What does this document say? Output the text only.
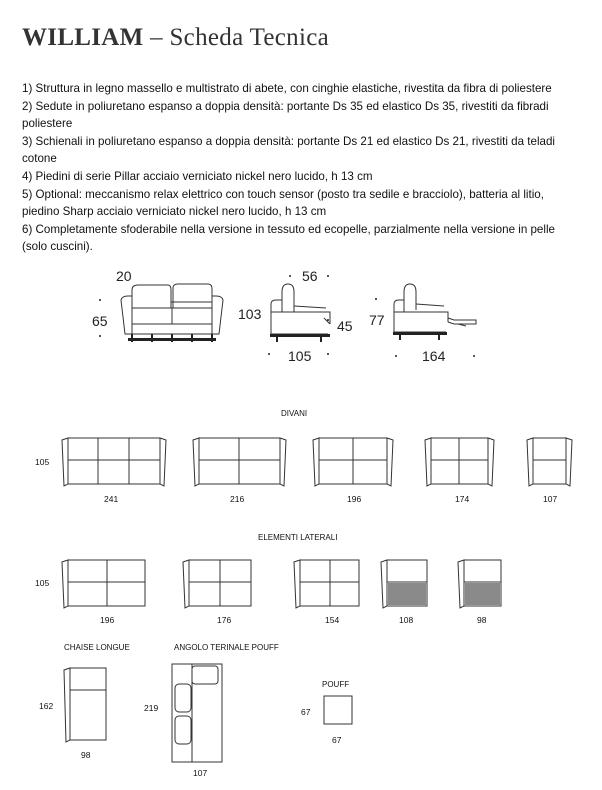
WILLIAM – Scheda Tecnica

1) Struttura in legno massello e multistrato di abete, con cinghie elastiche, rivestita da fibra di poliestere

2) Sedute in poliuretano espanso a doppia densità: portante Ds 35 ed elastico Ds 35, rivestiti da fibradi poliestere

3) Schienali in poliuretano espanso a doppia densità: portante Ds 21 ed elastico Ds 21, rivestiti da teladi cotone

4) Piedini di serie Pillar acciaio verniciato nickel nero lucido, h 13 cm

5) Optional: meccanismo relax elettrico con touch sensor (posto tra sedile e bracciolo), batteria al litio, piedino Sharp acciaio verniciato nickel nero lucido, h 13 cm

6) Completamente sfoderabile nella versione in tessuto ed ecopelle, parzialmente nella versione in pelle (solo cuscini).

20
65
56
103
45
105
77
164
DIVANI
105
241	216	196	174	107
ELEMENTI LATERALI
105
196	176	154	108	98
CHAISE LONGUE
162
98
ANGOLO TERINALE POUFF
219
107
POUFF
67
67
